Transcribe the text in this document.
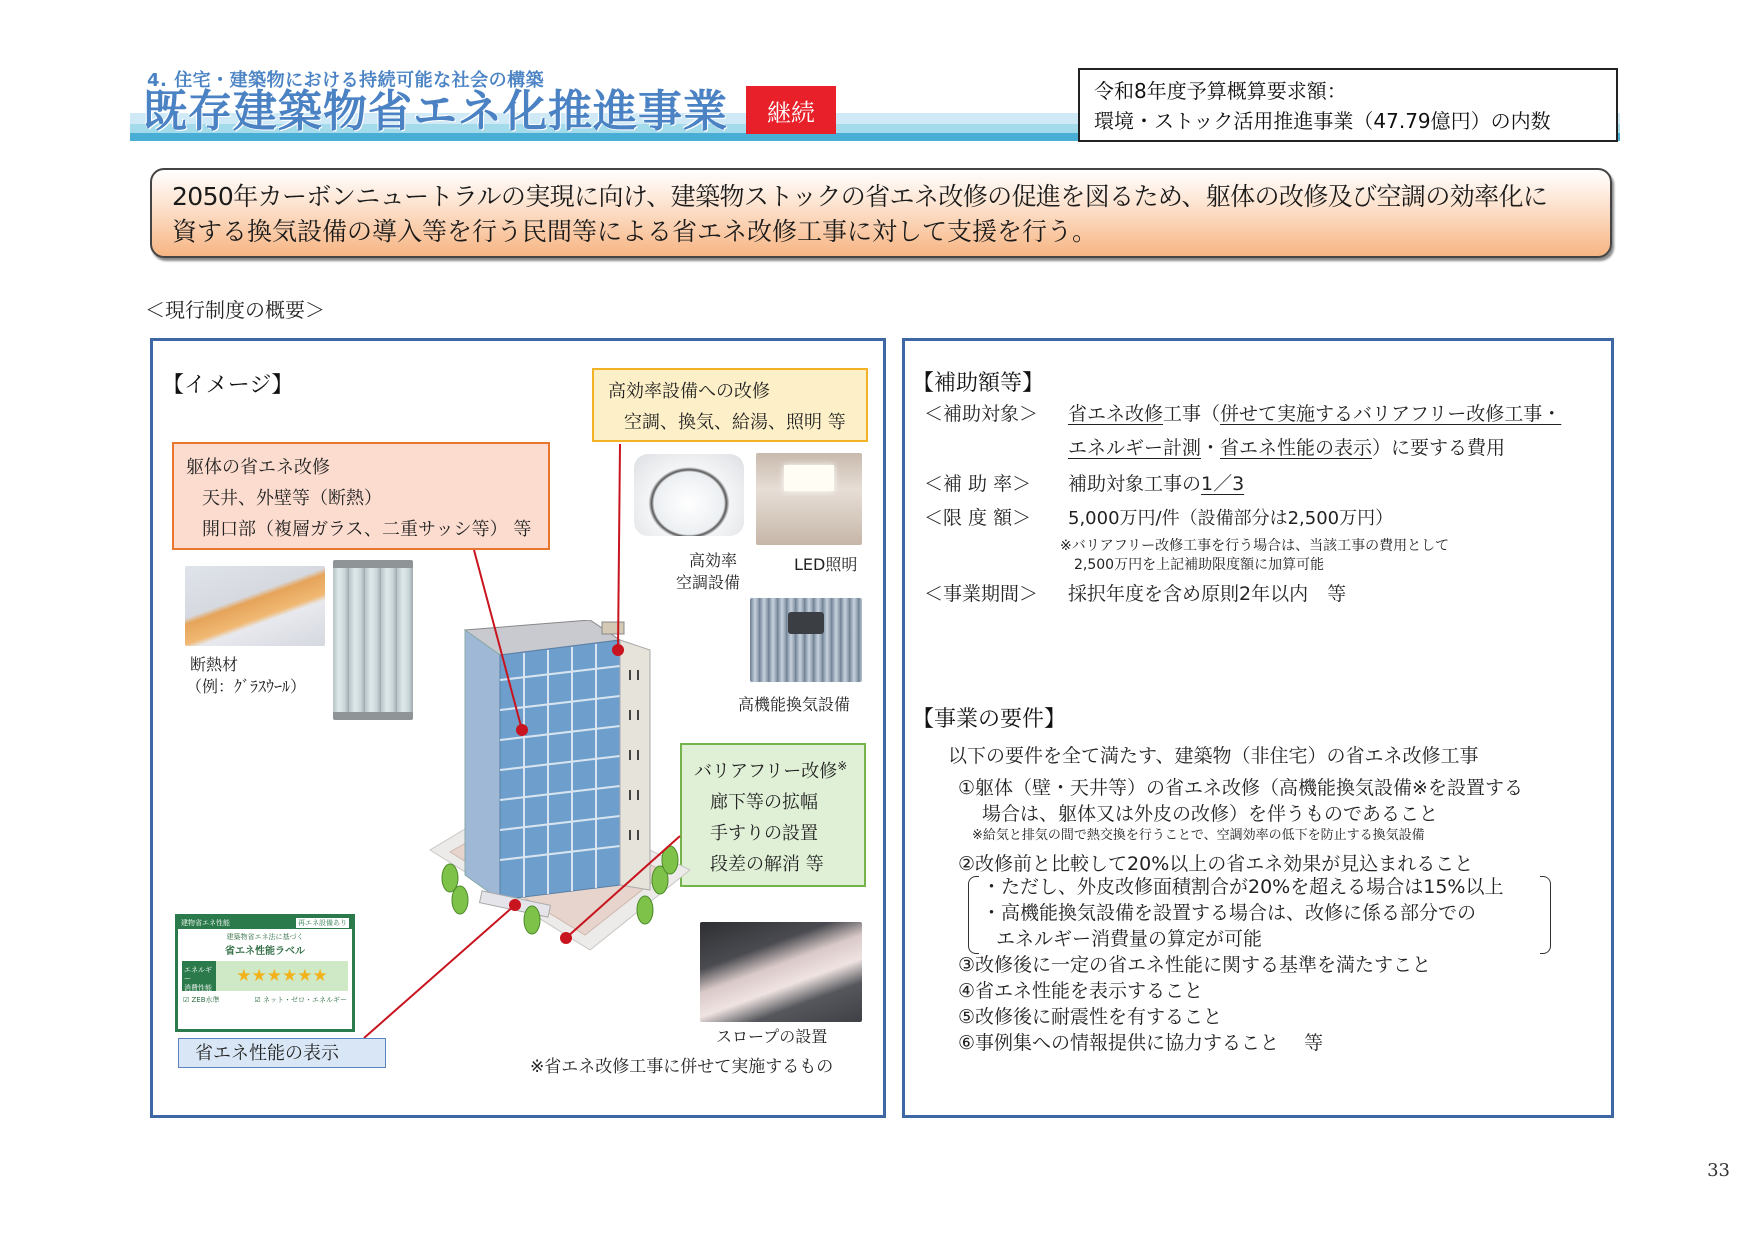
4. 住宅・建築物における持続可能な社会の構築
既存建築物省エネ化推進事業	継続
令和8年度予算概算要求額：
環境・ストック活用推進事業（47.79億円）の内数
2050年カーボンニュートラルの実現に向け、建築物ストックの省エネ改修の促進を図るため、躯体の改修及び空調の効率化に
資する換気設備の導入等を行う民間等による省エネ改修工事に対して支援を行う。
＜現行制度の概要＞
【イメージ】
躯体の省エネ改修
天井、外壁等（断熱）
開口部（複層ガラス、二重サッシ等） 等
高効率設備への改修
空調、換気、給湯、照明 等
バリアフリー改修※
廊下等の拡幅
手すりの設置
段差の解消 等
断熱材
（例：ｸﾞﾗｽｳｰﾙ）
高効率
空調設備
LED照明
高機能換気設備
建物省エネ性能	再エネ設備あり
建築物省エネ法に基づく
省エネ性能ラベル
エネルギー
消費性能
★★★★★★
☑ ZEB水準	☑ ネット・ゼロ・エネルギー
省エネ性能の表示
スロープの設置
※省エネ改修工事に併せて実施するもの
【補助額等】
＜補助対象＞ 省エネ改修工事（併せて実施するバリアフリー改修工事・
エネルギー計測・省エネ性能の表示）に要する費用
＜補 助 率＞ 補助対象工事の1／3
＜限 度 額＞ 5,000万円/件（設備部分は2,500万円）
※バリアフリー改修工事を行う場合は、当該工事の費用として
2,500万円を上記補助限度額に加算可能
＜事業期間＞ 採択年度を含め原則2年以内　等
【事業の要件】
以下の要件を全て満たす、建築物（非住宅）の省エネ改修工事
①躯体（壁・天井等）の省エネ改修（高機能換気設備※を設置する
場合は、躯体又は外皮の改修）を伴うものであること
※給気と排気の間で熱交換を行うことで、空調効率の低下を防止する換気設備
②改修前と比較して20%以上の省エネ効果が見込まれること
・ただし、外皮改修面積割合が20%を超える場合は15%以上
・高機能換気設備を設置する場合は、改修に係る部分での
エネルギー消費量の算定が可能
③改修後に一定の省エネ性能に関する基準を満たすこと
④省エネ性能を表示すること
⑤改修後に耐震性を有すること
⑥事例集への情報提供に協力すること　 等
33
